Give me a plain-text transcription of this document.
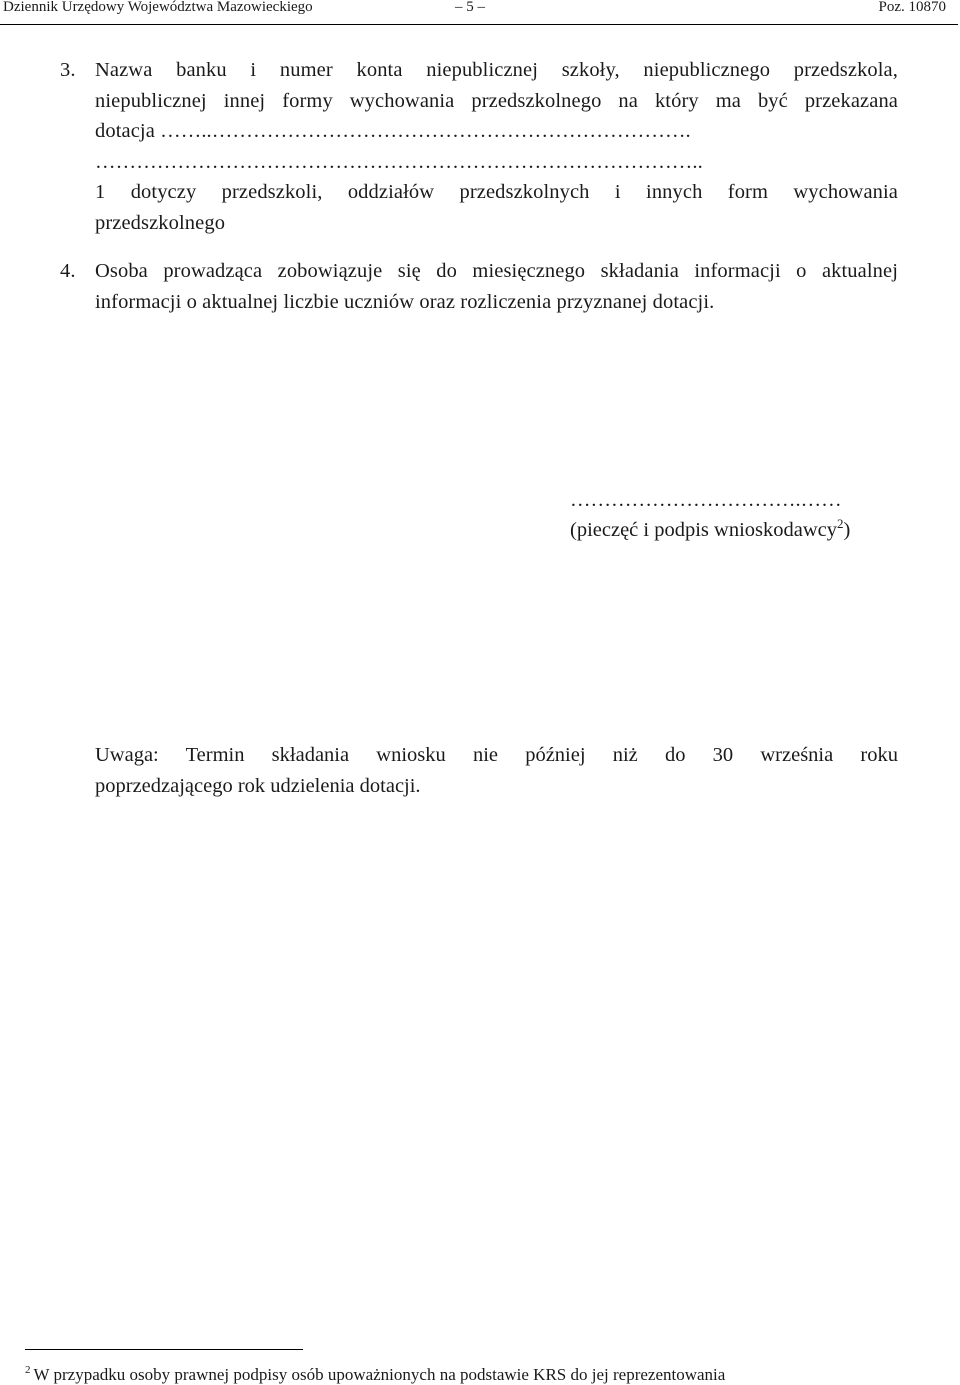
Dziennik Urzędowy Województwa Mazowieckiego	– 5 –	Poz. 10870
3. Nazwa banku i numer konta niepublicznej szkoły, niepublicznego przedszkola,

niepublicznej innej formy wychowania przedszkolnego na który ma być przekazana

dotacja ……..…………………………………………………………….

……………………………………………………………………………..

1 dotyczy przedszkoli, oddziałów przedszkolnych i innych form wychowania

przedszkolnego

4. Osoba prowadząca zobowiązuje się do miesięcznego składania informacji o aktualnej

informacji o aktualnej liczbie uczniów oraz rozliczenia przyznanej dotacji.

…………………………….……
(pieczęć i podpis wnioskodawcy$^2$)

Uwaga: Termin składania wniosku nie później niż do 30 września roku

poprzedzającego rok udzielenia dotacji.

$^2$ W przypadku osoby prawnej podpisy osób upoważnionych na podstawie KRS do jej reprezentowania
